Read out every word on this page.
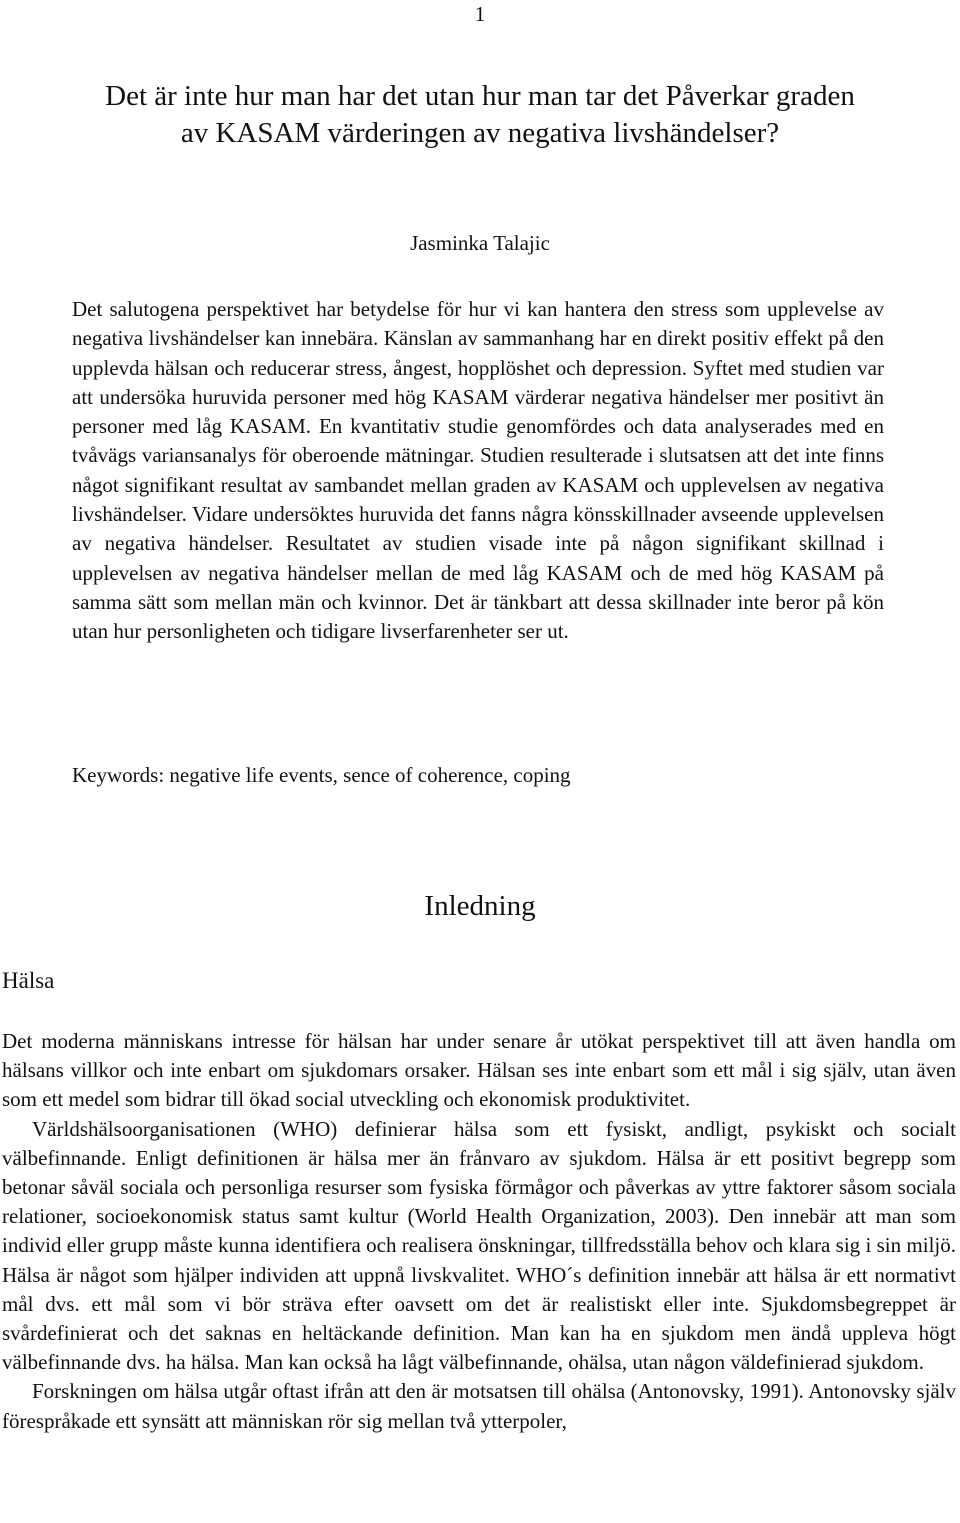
1
Det är inte hur man har det utan hur man tar det Påverkar graden av KASAM värderingen av negativa livshändelser?
Jasminka Talajic
Det salutogena perspektivet har betydelse för hur vi kan hantera den stress som upplevelse av negativa livshändelser kan innebära. Känslan av sammanhang har en direkt positiv effekt på den upplevda hälsan och reducerar stress, ångest, hopplöshet och depression. Syftet med studien var att undersöka huruvida personer med hög KASAM värderar negativa händelser mer positivt än personer med låg KASAM. En kvantitativ studie genomfördes och data analyserades med en tvåvägs variansanalys för oberoende mätningar. Studien resulterade i slutsatsen att det inte finns något signifikant resultat av sambandet mellan graden av KASAM och upplevelsen av negativa livshändelser. Vidare undersöktes huruvida det fanns några könsskillnader avseende upplevelsen av negativa händelser. Resultatet av studien visade inte på någon signifikant skillnad i upplevelsen av negativa händelser mellan de med låg KASAM och de med hög KASAM på samma sätt som mellan män och kvinnor. Det är tänkbart att dessa skillnader inte beror på kön utan hur personligheten och tidigare livserfarenheter ser ut.
Keywords: negative life events, sence of coherence, coping
Inledning
Hälsa

Det moderna människans intresse för hälsan har under senare år utökat perspektivet till att även handla om hälsans villkor och inte enbart om sjukdomars orsaker. Hälsan ses inte enbart som ett mål i sig själv, utan även som ett medel som bidrar till ökad social utveckling och ekonomisk produktivitet.

Världshälsoorganisationen (WHO) definierar hälsa som ett fysiskt, andligt, psykiskt och socialt välbefinnande. Enligt definitionen är hälsa mer än frånvaro av sjukdom. Hälsa är ett positivt begrepp som betonar såväl sociala och personliga resurser som fysiska förmågor och påverkas av yttre faktorer såsom sociala relationer, socioekonomisk status samt kultur (World Health Organization, 2003). Den innebär att man som individ eller grupp måste kunna identifiera och realisera önskningar, tillfredsställa behov och klara sig i sin miljö. Hälsa är något som hjälper individen att uppnå livskvalitet. WHO´s definition innebär att hälsa är ett normativt mål dvs. ett mål som vi bör sträva efter oavsett om det är realistiskt eller inte. Sjukdomsbegreppet är svårdefinierat och det saknas en heltäckande definition. Man kan ha en sjukdom men ändå uppleva högt välbefinnande dvs. ha hälsa. Man kan också ha lågt välbefinnande, ohälsa, utan någon väldefinierad sjukdom.

Forskningen om hälsa utgår oftast ifrån att den är motsatsen till ohälsa (Antonovsky, 1991). Antonovsky själv förespråkade ett synsätt att människan rör sig mellan två ytterpoler,
